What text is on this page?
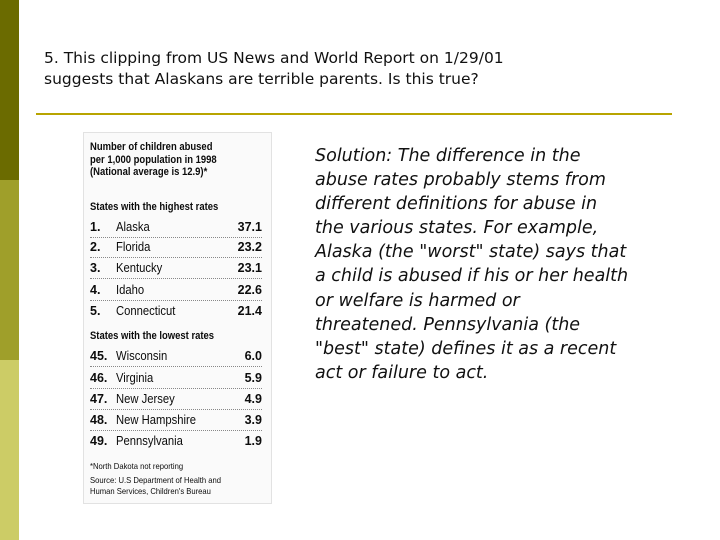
5. This clipping from US News and World Report on 1/29/01
suggests that Alaskans are terrible parents. Is this true?
Number of children abused
per 1,000 population in 1998
(National average is 12.9)*
States with the highest rates
1. Alaska	37.1
2. Florida	23.2
3. Kentucky	23.1
4. Idaho	22.6
5. Connecticut	21.4
States with the lowest rates
45. Wisconsin	6.0
46. Virginia	5.9
47. New Jersey	4.9
48. New Hampshire	3.9
49. Pennsylvania	1.9
*North Dakota not reporting
Source: U.S Department of Health and
Human Services, Children's Bureau
Solution: The difference in the
abuse rates probably stems from
different definitions for abuse in
the various states. For example,
Alaska (the "worst" state) says that
a child is abused if his or her health
or welfare is harmed or
threatened. Pennsylvania (the
"best" state) defines it as a recent
act or failure to act.
